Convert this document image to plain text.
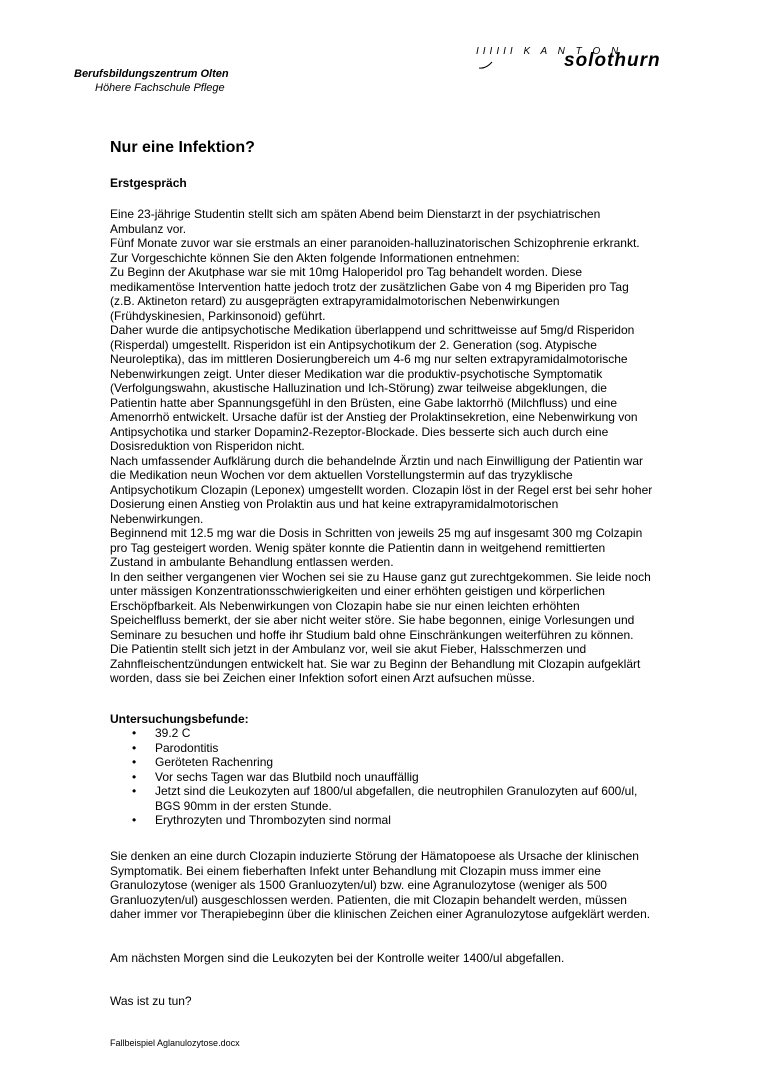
Berufsbildungszentrum Olten
Höhere Fachschule Pflege
IIIIII K A N T O N
solothurn
Nur eine Infektion?
Erstgespräch
Eine 23-jährige Studentin stellt sich am späten Abend beim Dienstarzt in der psychiatrischen
Ambulanz vor.
Fünf Monate zuvor war sie erstmals an einer paranoiden-halluzinatorischen Schizophrenie erkrankt.
Zur Vorgeschichte können Sie den Akten folgende Informationen entnehmen:
Zu Beginn der Akutphase war sie mit 10mg Haloperidol pro Tag behandelt worden. Diese
medikamentöse Intervention hatte jedoch trotz der zusätzlichen Gabe von 4 mg Biperiden pro Tag
(z.B. Aktineton retard) zu ausgeprägten extrapyramidalmotorischen Nebenwirkungen
(Frühdyskinesien, Parkinsonoid) geführt.
Daher wurde die antipsychotische Medikation überlappend und schrittweisse auf 5mg/d Risperidon
(Risperdal) umgestellt. Risperidon ist ein Antipsychotikum der 2. Generation (sog. Atypische
Neuroleptika), das im mittleren Dosierungbereich um 4-6 mg nur selten extrapyramidalmotorische
Nebenwirkungen zeigt. Unter dieser Medikation war die produktiv-psychotische Symptomatik
(Verfolgungswahn, akustische Halluzination und Ich-Störung) zwar teilweise abgeklungen, die
Patientin hatte aber Spannungsgefühl in den Brüsten, eine Gabe laktorrhö (Milchfluss) und eine
Amenorrhö entwickelt. Ursache dafür ist der Anstieg der Prolaktinsekretion, eine Nebenwirkung von
Antipsychotika und starker Dopamin2-Rezeptor-Blockade. Dies besserte sich auch durch eine
Dosisreduktion von Risperidon nicht.
Nach umfassender Aufklärung durch die behandelnde Ärztin und nach Einwilligung der Patientin war
die Medikation neun Wochen vor dem aktuellen Vorstellungstermin auf das tryzyklische
Antipsychotikum Clozapin (Leponex) umgestellt worden. Clozapin löst in der Regel erst bei sehr hoher
Dosierung einen Anstieg von Prolaktin aus und hat keine extrapyramidalmotorischen
Nebenwirkungen.
Beginnend mit 12.5 mg war die Dosis in Schritten von jeweils 25 mg auf insgesamt 300 mg Colzapin
pro Tag gesteigert worden. Wenig später konnte die Patientin dann in weitgehend remittierten
Zustand in ambulante Behandlung entlassen werden.
In den seither vergangenen vier Wochen sei sie zu Hause ganz gut zurechtgekommen. Sie leide noch
unter mässigen Konzentrationsschwierigkeiten und einer erhöhten geistigen und körperlichen
Erschöpfbarkeit. Als Nebenwirkungen von Clozapin habe sie nur einen leichten erhöhten
Speichelfluss bemerkt, der sie aber nicht weiter störe. Sie habe begonnen, einige Vorlesungen und
Seminare zu besuchen und hoffe ihr Studium bald ohne Einschränkungen weiterführen zu können.
Die Patientin stellt sich jetzt in der Ambulanz vor, weil sie akut Fieber, Halsschmerzen und
Zahnfleischentzündungen entwickelt hat. Sie war zu Beginn der Behandlung mit Clozapin aufgeklärt
worden, dass sie bei Zeichen einer Infektion sofort einen Arzt aufsuchen müsse.
Untersuchungsbefunde:
• 39.2 C
• Parodontitis
• Geröteten Rachenring
• Vor sechs Tagen war das Blutbild noch unauffällig
• Jetzt sind die Leukozyten auf 1800/ul abgefallen, die neutrophilen Granulozyten auf 600/ul,
BGS 90mm in der ersten Stunde.
• Erythrozyten und Thrombozyten sind normal
Sie denken an eine durch Clozapin induzierte Störung der Hämatopoese als Ursache der klinischen
Symptomatik. Bei einem fieberhaften Infekt unter Behandlung mit Clozapin muss immer eine
Granulozytose (weniger als 1500 Granluozyten/ul) bzw. eine Agranulozytose (weniger als 500
Granluozyten/ul) ausgeschlossen werden. Patienten, die mit Clozapin behandelt werden, müssen
daher immer vor Therapiebeginn über die klinischen Zeichen einer Agranulozytose aufgeklärt werden.
Am nächsten Morgen sind die Leukozyten bei der Kontrolle weiter 1400/ul abgefallen.
Was ist zu tun?
Fallbeispiel Aglanulozytose.docx
